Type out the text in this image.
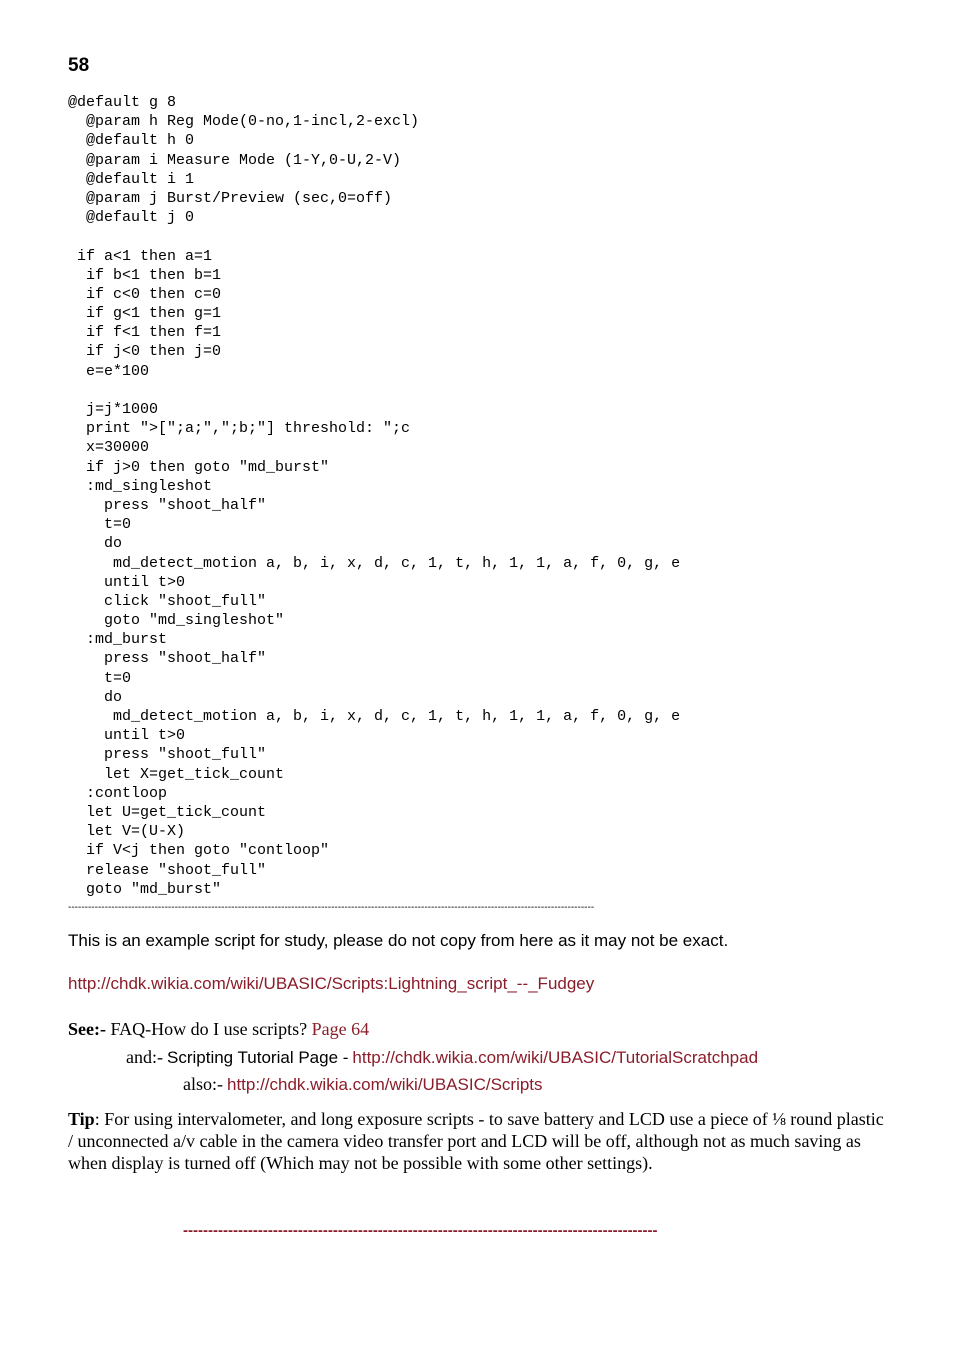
58
@default g 8
@param h Reg Mode(0-no,1-incl,2-excl)
@default h 0
@param i Measure Mode (1-Y,0-U,2-V)
@default i 1
@param j Burst/Preview (sec,0=off)
@default j 0
if a<1 then a=1
if b<1 then b=1
if c<0 then c=0
if g<1 then g=1
if f<1 then f=1
if j<0 then j=0
e=e*100
j=j*1000
print ">[";a;",";b;"] threshold: ";c
x=30000
if j>0 then goto "md_burst"
:md_singleshot
press "shoot_half"
t=0
do
md_detect_motion a, b, i, x, d, c, 1, t, h, 1, 1, a, f, 0, g, e
until t>0
click "shoot_full"
goto "md_singleshot"
:md_burst
press "shoot_half"
t=0
do
md_detect_motion a, b, i, x, d, c, 1, t, h, 1, 1, a, f, 0, g, e
until t>0
press "shoot_full"
let X=get_tick_count
:contloop
let U=get_tick_count
let V=(U-X)
if V<j then goto "contloop"
release "shoot_full"
goto "md_burst"
--------------------------------------------------------------------------------------------------------------------------------------------------------------
This is an example script for study, please do not copy from here as it may not be exact.
http://chdk.wikia.com/wiki/UBASIC/Scripts:Lightning_script_--_Fudgey
See:- FAQ-How do I use scripts? Page 64
and:- Scripting Tutorial Page - http://chdk.wikia.com/wiki/UBASIC/TutorialScratchpad
also:- http://chdk.wikia.com/wiki/UBASIC/Scripts
Tip: For using intervalometer, and long exposure scripts - to save battery and LCD use a piece of ⅛ round plastic / unconnected a/v cable in the camera video transfer port and LCD will be off, although not as much saving as when display is turned off (Which may not be possible with some other settings).
-----------------------------------------------------------------------------------------------
